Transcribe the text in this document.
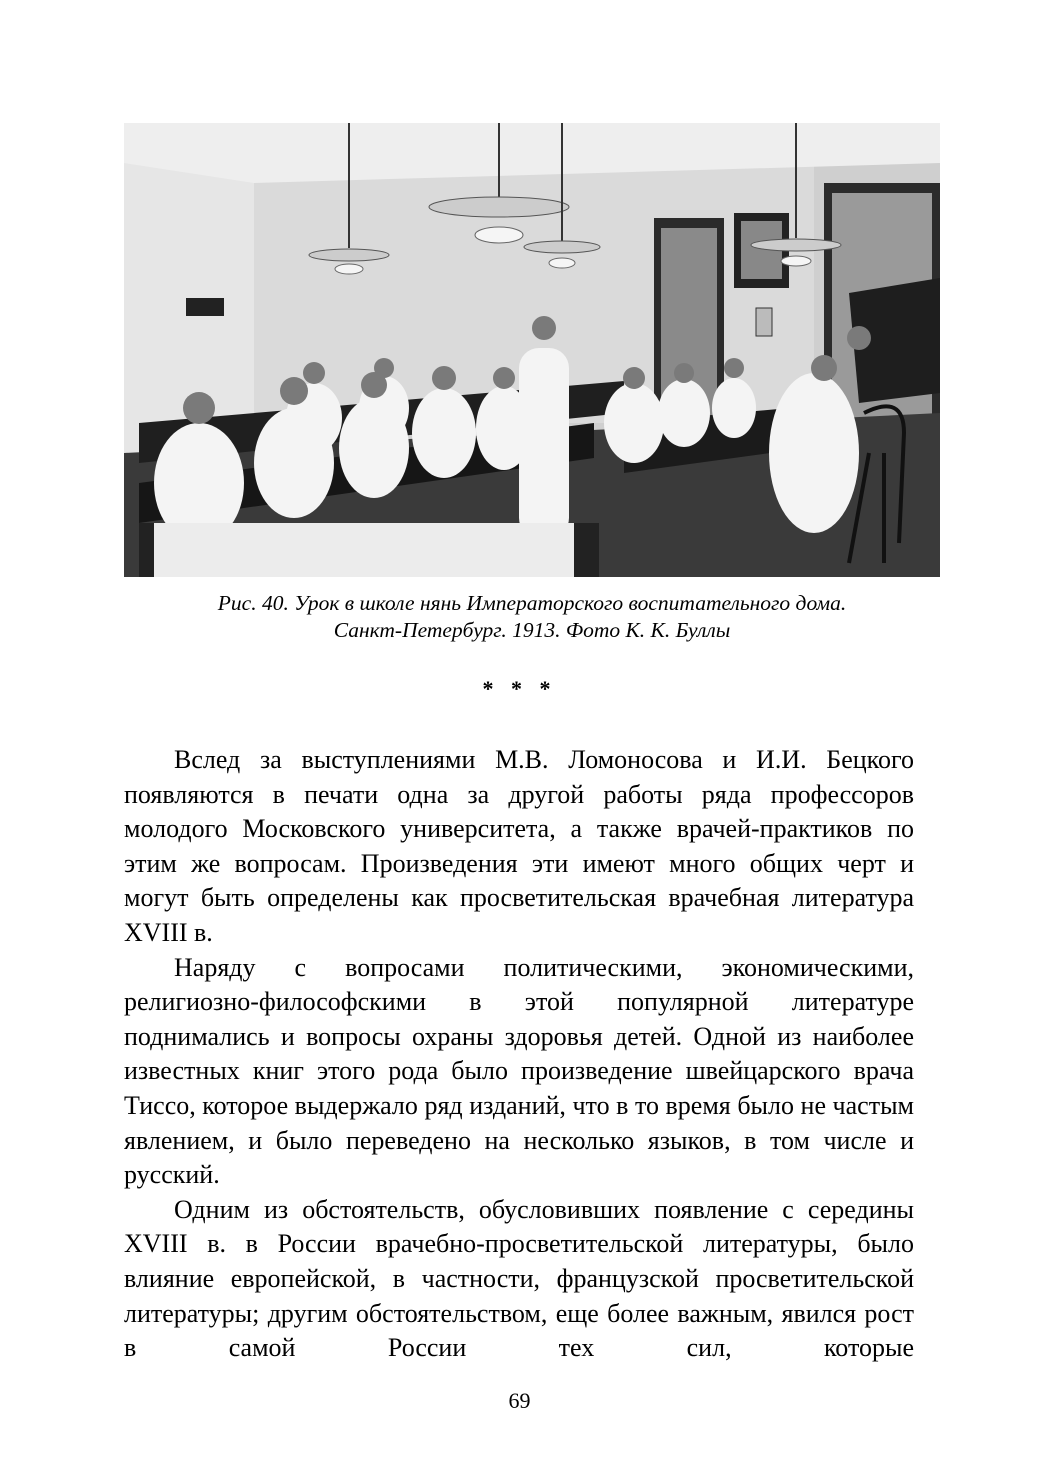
Рис. 40. Урок в школе нянь Императорского воспитательного дома.
Санкт-Петербург. 1913. Фото К. К. Буллы
* * *

Вслед за выступлениями М.В. Ломоносова и И.И. Бецкого появляются в печати одна за другой работы ряда профессоров молодого Московского университета, а также врачей-практиков по этим же вопросам. Произведения эти имеют много общих черт и могут быть определены как просветительская врачебная литература XVIII в.

Наряду с вопросами политическими, экономическими, религиозно-философскими в этой популярной литературе поднимались и вопросы охраны здоровья детей. Одной из наиболее известных книг этого рода было произведение швейцарского врача Тиссо, которое выдержало ряд изданий, что в то время было не частым явлением, и было переведено на несколько языков, в том числе и русский.

Одним из обстоятельств, обусловивших появление с середины XVIII в. в России врачебно-просветительской литературы, было влияние европейской, в частности, французской просветительской литературы; другим обстоятельством, еще более важным, явился рост в самой России тех сил, которые

69
